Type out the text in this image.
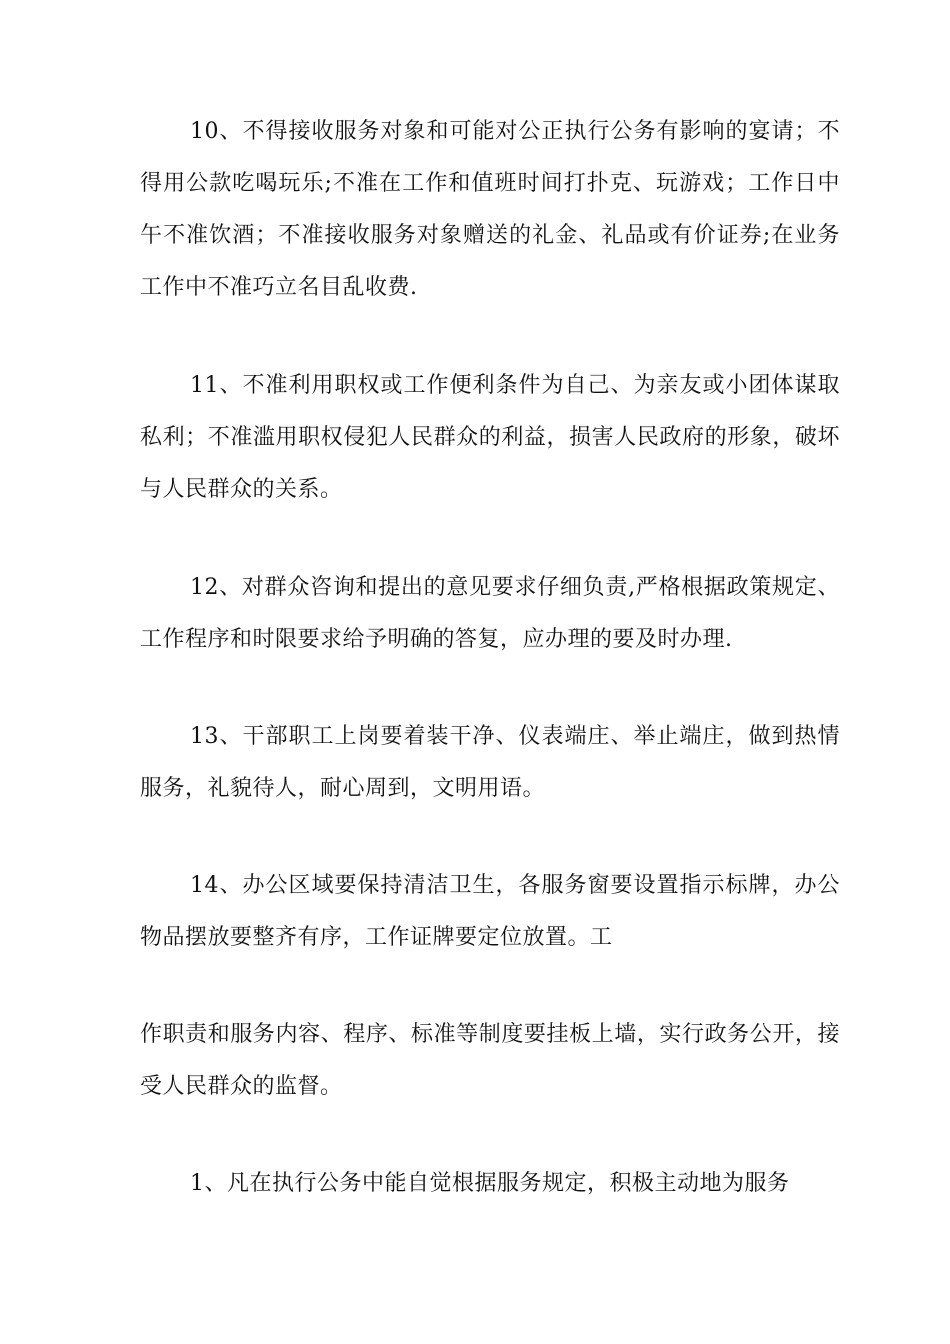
10、不得接收服务对象和可能对公正执行公务有影响的宴请；不得用公款吃喝玩乐;不准在工作和值班时间打扑克、玩游戏；工作日中午不准饮酒；不准接收服务对象赠送的礼金、礼品或有价证券;在业务工作中不准巧立名目乱收费.

11、不准利用职权或工作便利条件为自己、为亲友或小团体谋取私利；不准滥用职权侵犯人民群众的利益，损害人民政府的形象，破坏与人民群众的关系。

12、对群众咨询和提出的意见要求仔细负责,严格根据政策规定、工作程序和时限要求给予明确的答复，应办理的要及时办理.

13、干部职工上岗要着装干净、仪表端庄、举止端庄，做到热情服务，礼貌待人，耐心周到，文明用语。

14、办公区域要保持清洁卫生，各服务窗要设置指示标牌，办公物品摆放要整齐有序，工作证牌要定位放置。工

作职责和服务内容、程序、标准等制度要挂板上墙，实行政务公开，接受人民群众的监督。

1、凡在执行公务中能自觉根据服务规定，积极主动地为服务
